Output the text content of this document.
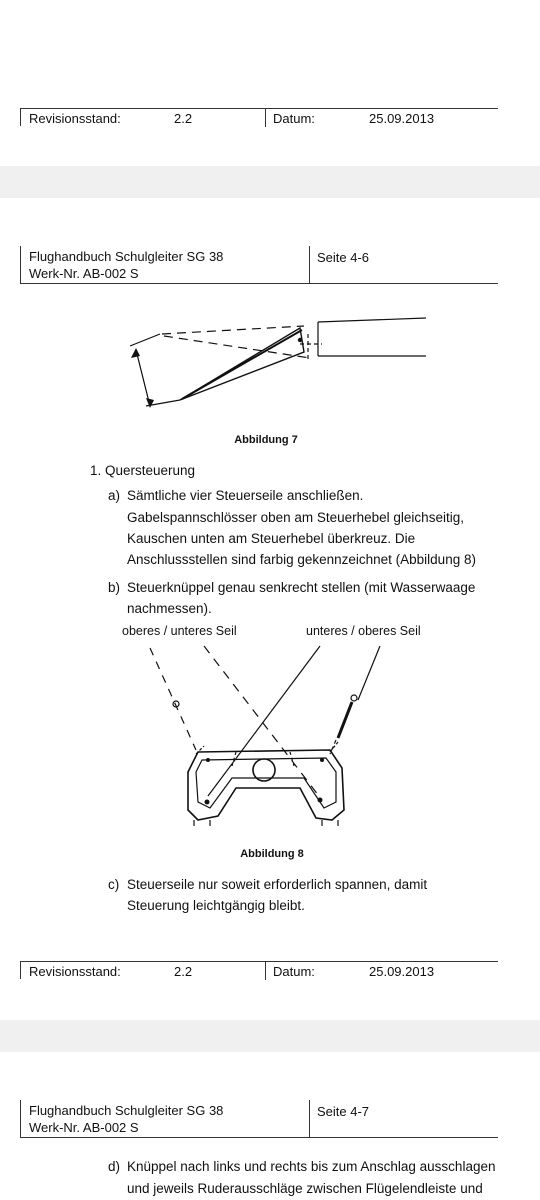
Revisionsstand:	2.2	Datum:	25.09.2013
Flughandbuch Schulgleiter SG 38
Werk-Nr. AB-002 S
Seite 4-6
Abbildung 7
1. Quersteuerung
a) Sämtliche vier Steuerseile anschließen.
Gabelspannschlösser oben am Steuerhebel gleichseitig,
Kauschen unten am Steuerhebel überkreuz. Die
Anschlussstellen sind farbig gekennzeichnet (Abbildung 8)
b) Steuerknüppel genau senkrecht stellen (mit Wasserwaage
nachmessen).
oberes / unteres Seil	unteres / oberes Seil
Abbildung 8
c) Steuerseile nur soweit erforderlich spannen, damit
Steuerung leichtgängig bleibt.
Revisionsstand:	2.2	Datum:	25.09.2013
Flughandbuch Schulgleiter SG 38
Werk-Nr. AB-002 S
Seite 4-7
d) Knüppel nach links und rechts bis zum Anschlag ausschlagen
und jeweils Ruderausschläge zwischen Flügelendleiste und
